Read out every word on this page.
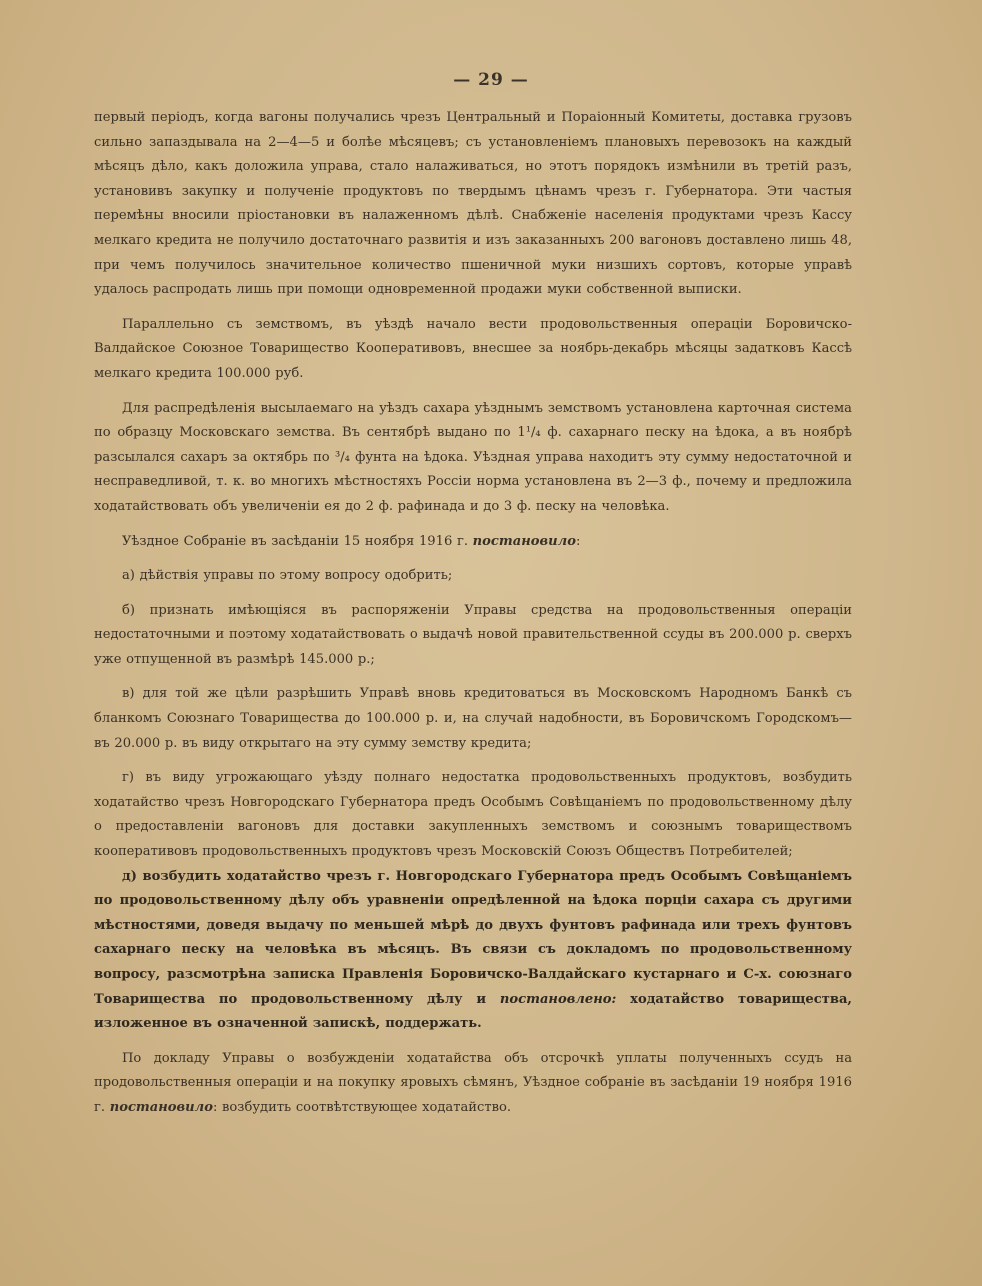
— 29 —

первый періодъ, когда вагоны получались чрезъ Центральный и Пораіонный Комитеты, доставка грузовъ сильно запаздывала на 2—4—5 и болѣе мѣсяцевъ; съ установленіемъ плановыхъ перевозокъ на каждый мѣсяцъ дѣло, какъ доложила управа, стало налаживаться, но этотъ порядокъ измѣнили въ третій разъ, установивъ закупку и полученіе продуктовъ по твердымъ цѣнамъ чрезъ г. Губернатора. Эти частыя перемѣны вносили пріостановки въ налаженномъ дѣлѣ. Снабженіе населенія продуктами чрезъ Кассу мелкаго кредита не получило достаточнаго развитія и изъ заказанныхъ 200 вагоновъ доставлено лишь 48, при чемъ получилось значительное количество пшеничной муки низшихъ сортовъ, которые управѣ удалось распродать лишь при помощи одновременной продажи муки собственной выписки.

Параллельно съ земствомъ, въ уѣздѣ начало вести продовольственныя операціи Боровичско-Валдайское Союзное Товарищество Кооперативовъ, внесшее за ноябрь-декабрь мѣсяцы задатковъ Кассѣ мелкаго кредита 100.000 руб.

Для распредѣленія высылаемаго на уѣздъ сахара уѣзднымъ земствомъ установлена карточная система по образцу Московскаго земства. Въ сентябрѣ выдано по 1¹/₄ ф. сахарнаго песку на ѣдока, а въ ноябрѣ разсылался сахаръ за октябрь по ³/₄ фунта на ѣдока. Уѣздная управа находитъ эту сумму недостаточной и несправедливой, т. к. во многихъ мѣстностяхъ Россіи норма установлена въ 2—3 ф., почему и предложила ходатайствовать объ увеличеніи ея до 2 ф. рафинада и до 3 ф. песку на человѣка.

Уѣздное Собраніе въ засѣданіи 15 ноября 1916 г. постановило:

а) дѣйствія управы по этому вопросу одобрить;

б) признать имѣющіяся въ распоряженіи Управы средства на продовольственныя операціи недостаточными и поэтому ходатайствовать о выдачѣ новой правительственной ссуды въ 200.000 р. сверхъ уже отпущенной въ размѣрѣ 145.000 р.;

в) для той же цѣли разрѣшить Управѣ вновь кредитоваться въ Московскомъ Народномъ Банкѣ съ бланкомъ Союзнаго Товарищества до 100.000 р. и, на случай надобности, въ Боровичскомъ Городскомъ—въ 20.000 р. въ виду открытаго на эту сумму земству кредита;

г) въ виду угрожающаго уѣзду полнаго недостатка продовольственныхъ продуктовъ, возбудить ходатайство чрезъ Новгородскаго Губернатора предъ Особымъ Совѣщаніемъ по продовольственному дѣлу о предоставленіи вагоновъ для доставки закупленныхъ земствомъ и союзнымъ товариществомъ кооперативовъ продовольственныхъ продуктовъ чрезъ Московскій Союзъ Обществъ Потребителей;

д) возбудить ходатайство чрезъ г. Новгородскаго Губернатора предъ Особымъ Совѣщаніемъ по продовольственному дѣлу объ уравненіи опредѣленной на ѣдока порціи сахара съ другими мѣстностями, доведя выдачу по меньшей мѣрѣ до двухъ фунтовъ рафинада или трехъ фунтовъ сахарнаго песку на человѣка въ мѣсяцъ. Въ связи съ докладомъ по продовольственному вопросу, разсмотрѣна записка Правленія Боровичско-Валдайскаго кустарнаго и С-х. союзнаго Товарищества по продовольственному дѣлу и постановлено: ходатайство товарищества, изложенное въ означенной запискѣ, поддержать.

По докладу Управы о возбужденіи ходатайства объ отсрочкѣ уплаты полученныхъ ссудъ на продовольственныя операціи и на покупку яровыхъ сѣмянъ, Уѣздное собраніе въ засѣданіи 19 ноября 1916 г. постановило: возбудить соотвѣтствующее ходатайство.
